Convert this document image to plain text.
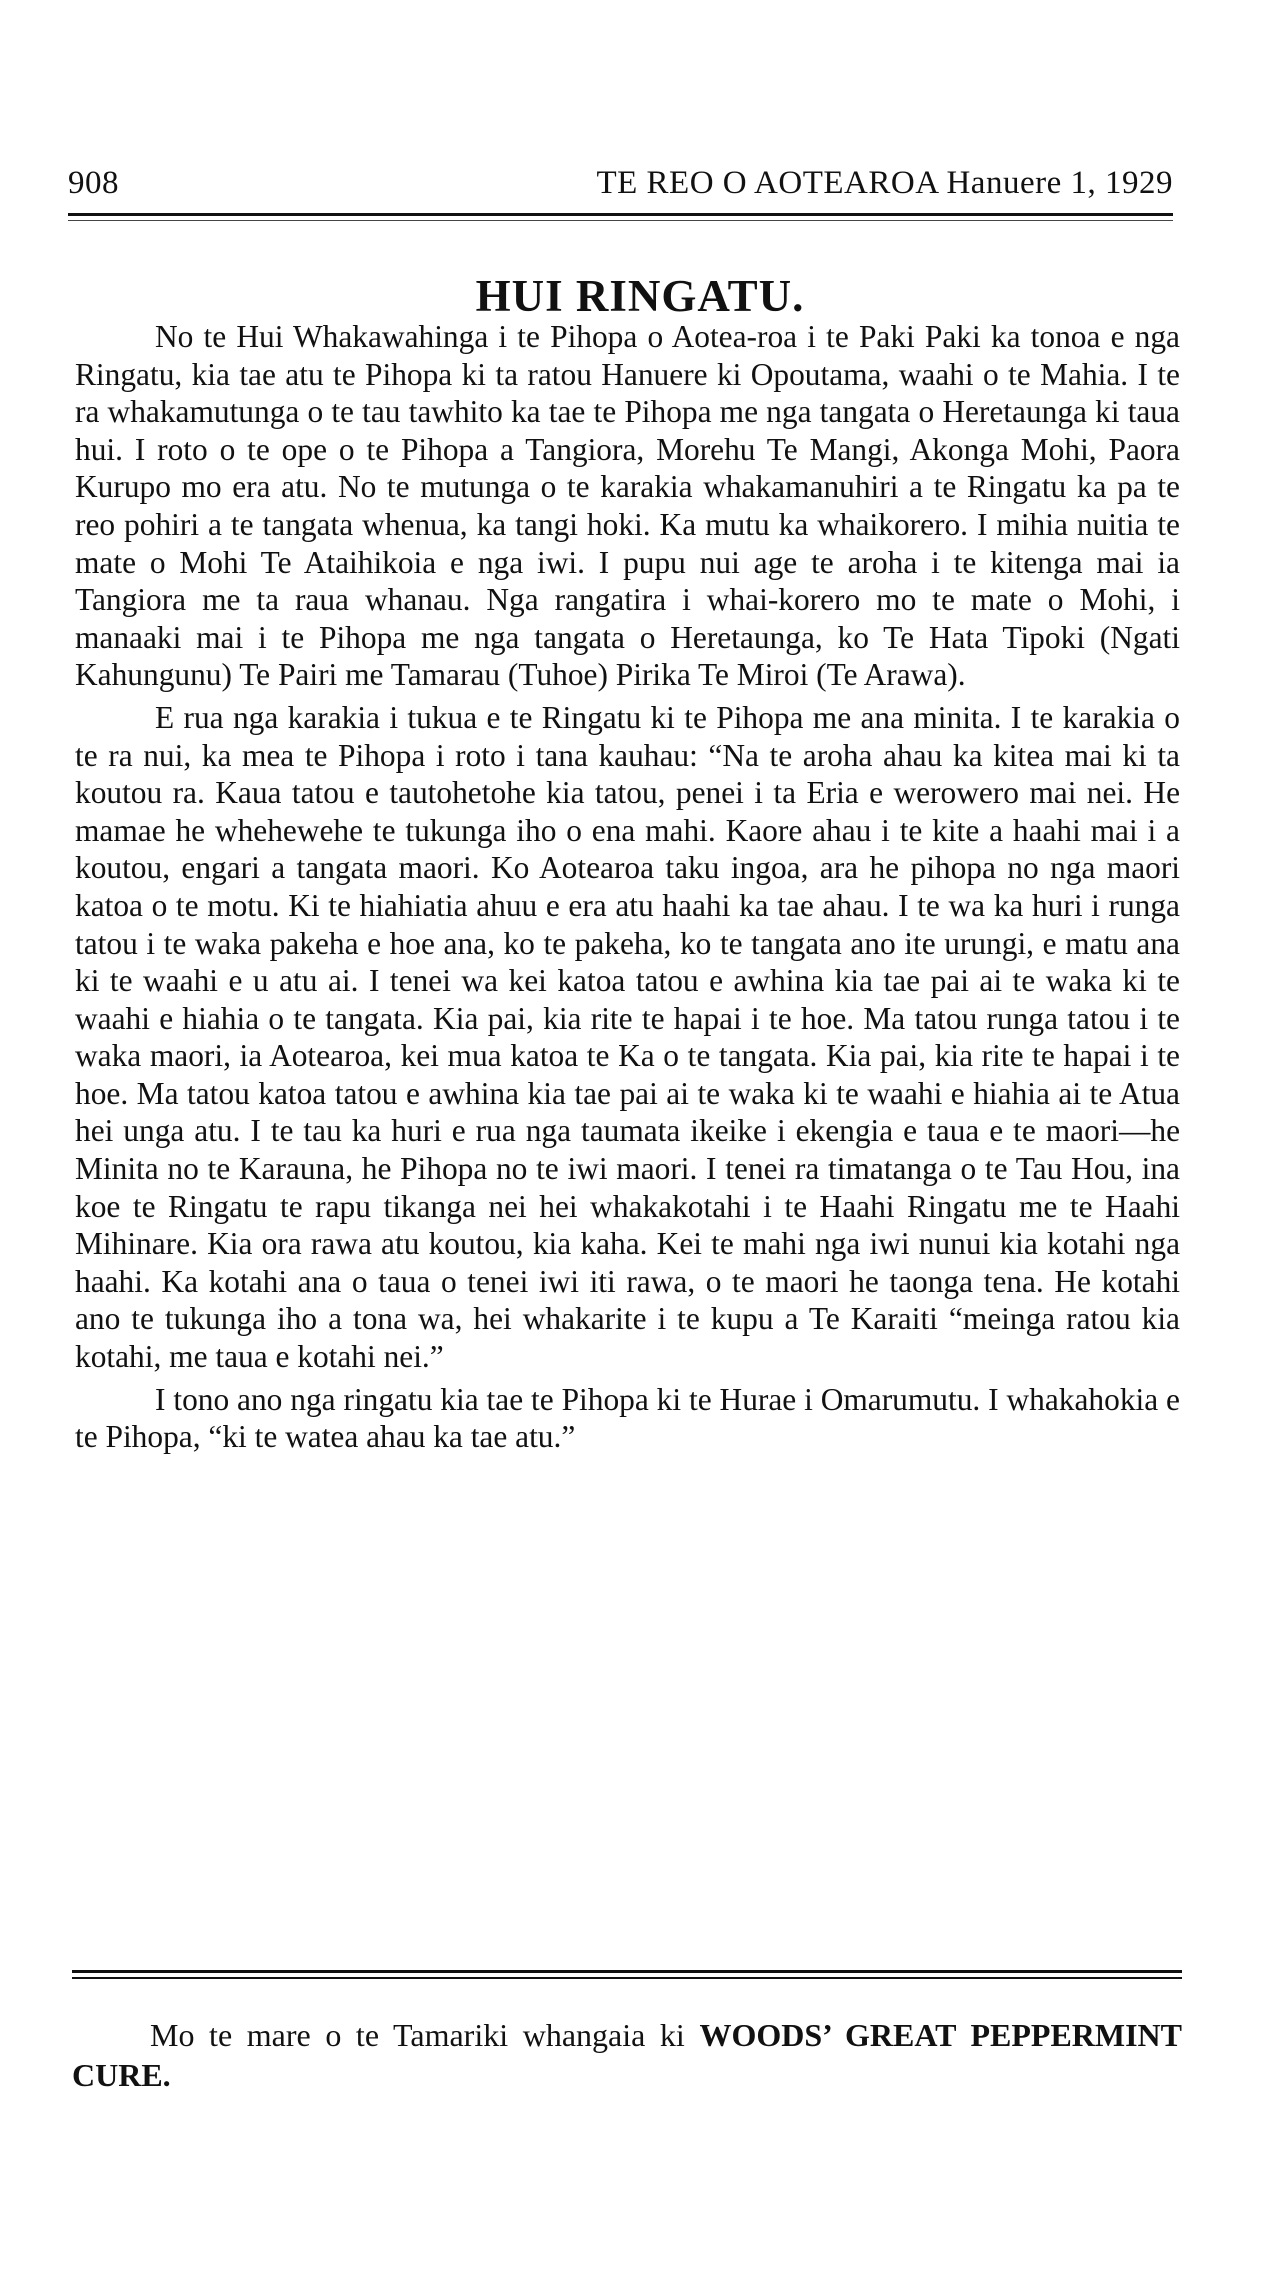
908	TE REO O AOTEAROA Hanuere 1, 1929
HUI RINGATU.

No te Hui Whakawahinga i te Pihopa o Aotea-roa i te Paki Paki ka tonoa e nga Ringatu, kia tae atu te Pihopa ki ta ratou Hanuere ki Opoutama, waahi o te Mahia. I te ra whakamutunga o te tau tawhito ka tae te Pihopa me nga tangata o Heretaunga ki taua hui. I roto o te ope o te Pihopa a Tangiora, Morehu Te Mangi, Akonga Mohi, Paora Kurupo mo era atu. No te mutunga o te karakia whakamanuhiri a te Ringatu ka pa te reo pohiri a te tangata whenua, ka tangi hoki. Ka mutu ka whaikorero. I mihia nuitia te mate o Mohi Te Ataihikoia e nga iwi. I pupu nui age te aroha i te kitenga mai ia Tangiora me ta raua whanau. Nga rangatira i whai-korero mo te mate o Mohi, i manaaki mai i te Pihopa me nga tangata o Heretaunga, ko Te Hata Tipoki (Ngati Kahungunu) Te Pairi me Tamarau (Tuhoe) Pirika Te Miroi (Te Arawa).

E rua nga karakia i tukua e te Ringatu ki te Pihopa me ana minita. I te karakia o te ra nui, ka mea te Pihopa i roto i tana kauhau: “Na te aroha ahau ka kitea mai ki ta koutou ra. Kaua tatou e tautohetohe kia tatou, penei i ta Eria e werowero mai nei. He mamae he whehewehe te tukunga iho o ena mahi. Kaore ahau i te kite a haahi mai i a koutou, engari a tangata maori. Ko Aotearoa taku ingoa, ara he pihopa no nga maori katoa o te motu. Ki te hiahiatia ahuu e era atu haahi ka tae ahau. I te wa ka huri i runga tatou i te waka pakeha e hoe ana, ko te pakeha, ko te tangata ano ite urungi, e matu ana ki te waahi e u atu ai. I tenei wa kei katoa tatou e awhina kia tae pai ai te waka ki te waahi e hiahia o te tangata. Kia pai, kia rite te hapai i te hoe. Ma tatou runga tatou i te waka maori, ia Aotearoa, kei mua katoa te Ka o te tangata. Kia pai, kia rite te hapai i te hoe. Ma tatou katoa tatou e awhina kia tae pai ai te waka ki te waahi e hiahia ai te Atua hei unga atu. I te tau ka huri e rua nga taumata ikeike i ekengia e taua e te maori—he Minita no te Karauna, he Pihopa no te iwi maori. I tenei ra timatanga o te Tau Hou, ina koe te Ringatu te rapu tikanga nei hei whakakotahi i te Haahi Ringatu me te Haahi Mihinare. Kia ora rawa atu koutou, kia kaha. Kei te mahi nga iwi nunui kia kotahi nga haahi. Ka kotahi ana o taua o tenei iwi iti rawa, o te maori he taonga tena. He kotahi ano te tukunga iho a tona wa, hei whakarite i te kupu a Te Karaiti “meinga ratou kia kotahi, me taua e kotahi nei.”

I tono ano nga ringatu kia tae te Pihopa ki te Hurae i Omarumutu. I whakahokia e te Pihopa, “ki te watea ahau ka tae atu.”

Mo te mare o te Tamariki whangaia ki WOODS’ GREAT PEPPERMINT CURE.
